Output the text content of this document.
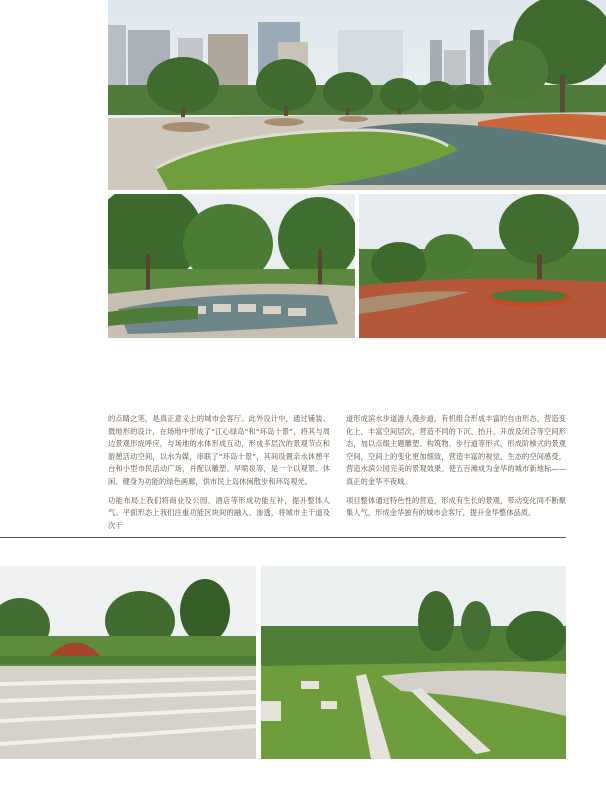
的点睛之笔，是真正意义上的城市会客厅。此外设计中，通过铺装、微地形的设计，在场地中形成了“江心绿岛”和“环岛十景”，将其与周边景观形成呼应，与场地的水体形成互动，形成多层次的景观节点和游憩活动空间，以水为媒，串联了“环岛十景”，其间设置亲水休憩平台和小型市民活动广场，并配以雕塑、旱喷泉等，是一个以观景、休闲、健身为功能的绿色画廊，供市民上岛休闲散步和环岛观光。

功能布局上我们将商业及公园、酒店等形成功能互补，提升整体人气。平面形态上我们注重功能区块间的融入、渗透，将城市主干道及次干

道形成滨水步道游人漫步道，有机组合形成丰富的自由形态，营造变化上，丰富空间层次，营造不同的下沉、抬升、开放及闭合等空间形态，加以点缀主题雕塑、构筑物、步行道等形式，形成阶梯式的景观空间，空间上的变化更加细致，营造丰富的视觉、生态的空间感受，营造水滨公园完美的景观效果。使五百滩成为金华的城市新地标——真正的金华不夜城。

项目整体通过特色性的营造，形成有生长的景观，带动变化同不断聚集人气，形成金华独有的城市会客厅，提升金华整体品质。
